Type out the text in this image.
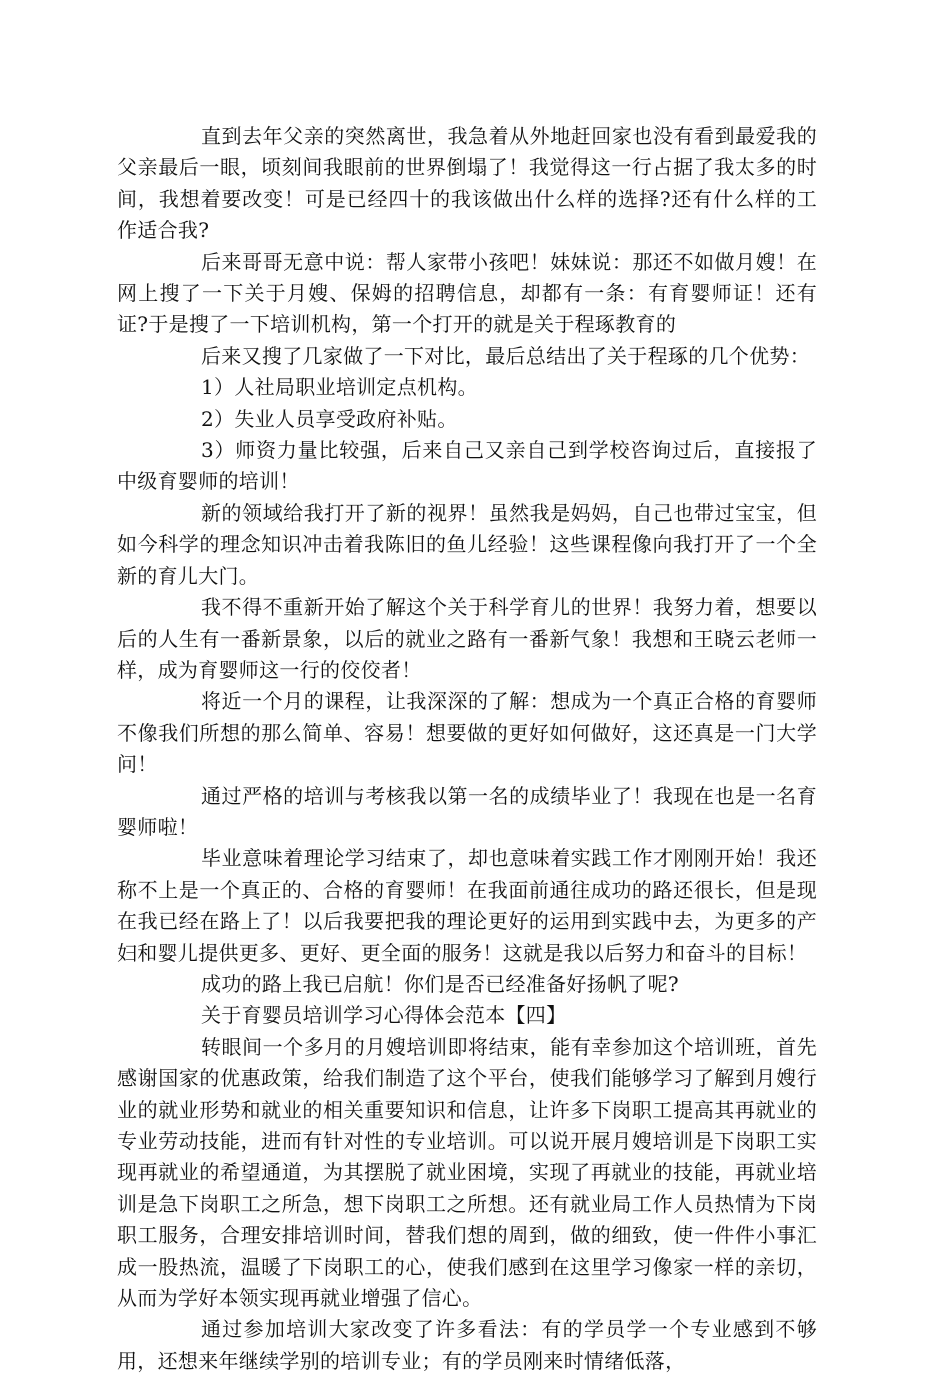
直到去年父亲的突然离世，我急着从外地赶回家也没有看到最爱我的父亲最后一眼，顷刻间我眼前的世界倒塌了！我觉得这一行占据了我太多的时间，我想着要改变！可是已经四十的我该做出什么样的选择?还有什么样的工作适合我?

后来哥哥无意中说：帮人家带小孩吧！妹妹说：那还不如做月嫂！在网上搜了一下关于月嫂、保姆的招聘信息，却都有一条：有育婴师证！还有证?于是搜了一下培训机构，第一个打开的就是关于程琢教育的

后来又搜了几家做了一下对比，最后总结出了关于程琢的几个优势：

1）人社局职业培训定点机构。

2）失业人员享受政府补贴。

3）师资力量比较强，后来自己又亲自己到学校咨询过后，直接报了中级育婴师的培训！

新的领域给我打开了新的视界！虽然我是妈妈，自己也带过宝宝，但如今科学的理念知识冲击着我陈旧的鱼儿经验！这些课程像向我打开了一个全新的育儿大门。

我不得不重新开始了解这个关于科学育儿的世界！我努力着，想要以后的人生有一番新景象，以后的就业之路有一番新气象！我想和王晓云老师一样，成为育婴师这一行的佼佼者！

将近一个月的课程，让我深深的了解：想成为一个真正合格的育婴师不像我们所想的那么简单、容易！想要做的更好如何做好，这还真是一门大学问！

通过严格的培训与考核我以第一名的成绩毕业了！我现在也是一名育婴师啦！

毕业意味着理论学习结束了，却也意味着实践工作才刚刚开始！我还称不上是一个真正的、合格的育婴师！在我面前通往成功的路还很长，但是现在我已经在路上了！以后我要把我的理论更好的运用到实践中去，为更多的产妇和婴儿提供更多、更好、更全面的服务！这就是我以后努力和奋斗的目标！

成功的路上我已启航！你们是否已经准备好扬帆了呢?

关于育婴员培训学习心得体会范本【四】

转眼间一个多月的月嫂培训即将结束，能有幸参加这个培训班，首先感谢国家的优惠政策，给我们制造了这个平台，使我们能够学习了解到月嫂行业的就业形势和就业的相关重要知识和信息，让许多下岗职工提高其再就业的专业劳动技能，进而有针对性的专业培训。可以说开展月嫂培训是下岗职工实现再就业的希望通道，为其摆脱了就业困境，实现了再就业的技能，再就业培训是急下岗职工之所急，想下岗职工之所想。还有就业局工作人员热情为下岗职工服务，合理安排培训时间，替我们想的周到，做的细致，使一件件小事汇成一股热流，温暖了下岗职工的心，使我们感到在这里学习像家一样的亲切，从而为学好本领实现再就业增强了信心。

通过参加培训大家改变了许多看法：有的学员学一个专业感到不够用，还想来年继续学别的培训专业；有的学员刚来时情绪低落，
